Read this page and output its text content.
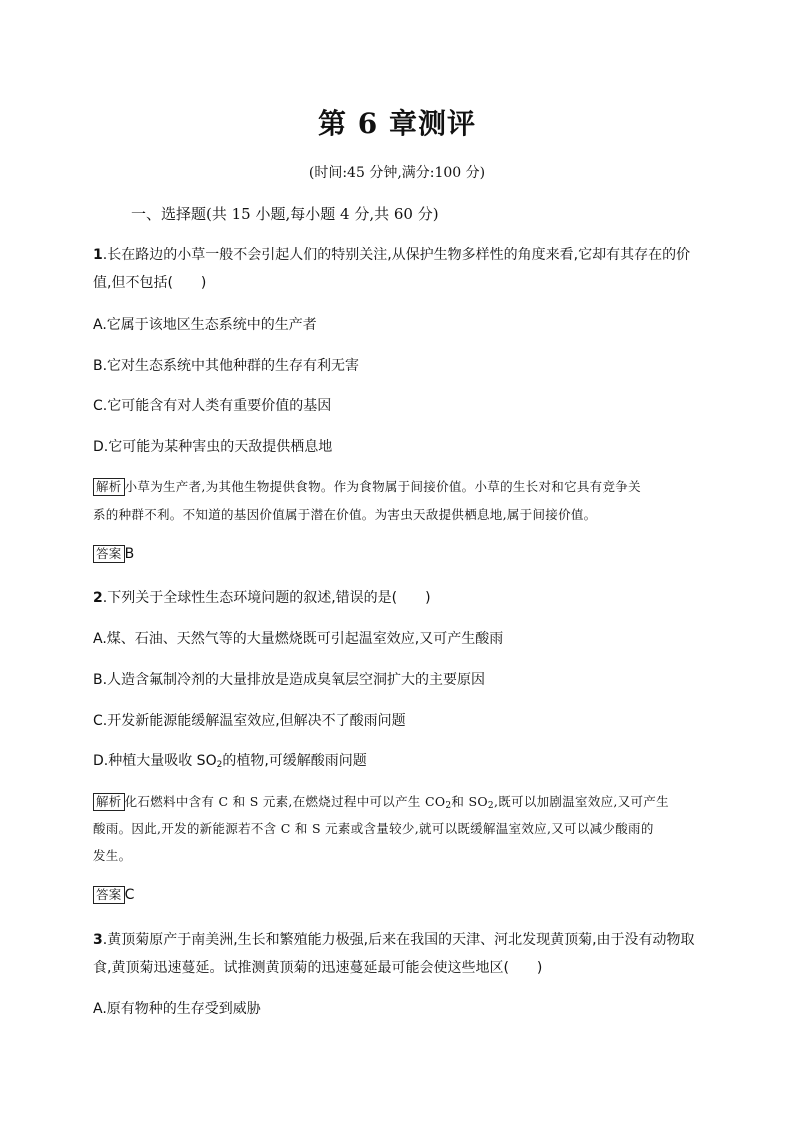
第 6 章测评
(时间:45 分钟,满分:100 分)
一、选择题(共 15 小题,每小题 4 分,共 60 分)
1.长在路边的小草一般不会引起人们的特别关注,从保护生物多样性的角度来看,它却有其存在的价
值,但不包括(　　)
A.它属于该地区生态系统中的生产者
B.它对生态系统中其他种群的生存有利无害
C.它可能含有对人类有重要价值的基因
D.它可能为某种害虫的天敌提供栖息地
解析 小草为生产者,为其他生物提供食物。作为食物属于间接价值。小草的生长对和它具有竞争关
系的种群不利。不知道的基因价值属于潜在价值。为害虫天敌提供栖息地,属于间接价值。
答案 B
2.下列关于全球性生态环境问题的叙述,错误的是(　　)
A.煤、石油、天然气等的大量燃烧既可引起温室效应,又可产生酸雨
B.人造含氟制冷剂的大量排放是造成臭氧层空洞扩大的主要原因
C.开发新能源能缓解温室效应,但解决不了酸雨问题
D.种植大量吸收 $SO_2$的植物,可缓解酸雨问题
解析 化石燃料中含有 C 和 S 元素,在燃烧过程中可以产生 $CO_2$和 $SO_2$,既可以加剧温室效应,又可产生
酸雨。因此,开发的新能源若不含 C 和 S 元素或含量较少,就可以既缓解温室效应,又可以减少酸雨的
发生。
答案 C
3.黄顶菊原产于南美洲,生长和繁殖能力极强,后来在我国的天津、河北发现黄顶菊,由于没有动物取
食,黄顶菊迅速蔓延。试推测黄顶菊的迅速蔓延最可能会使这些地区(　　)
A.原有物种的生存受到威胁
